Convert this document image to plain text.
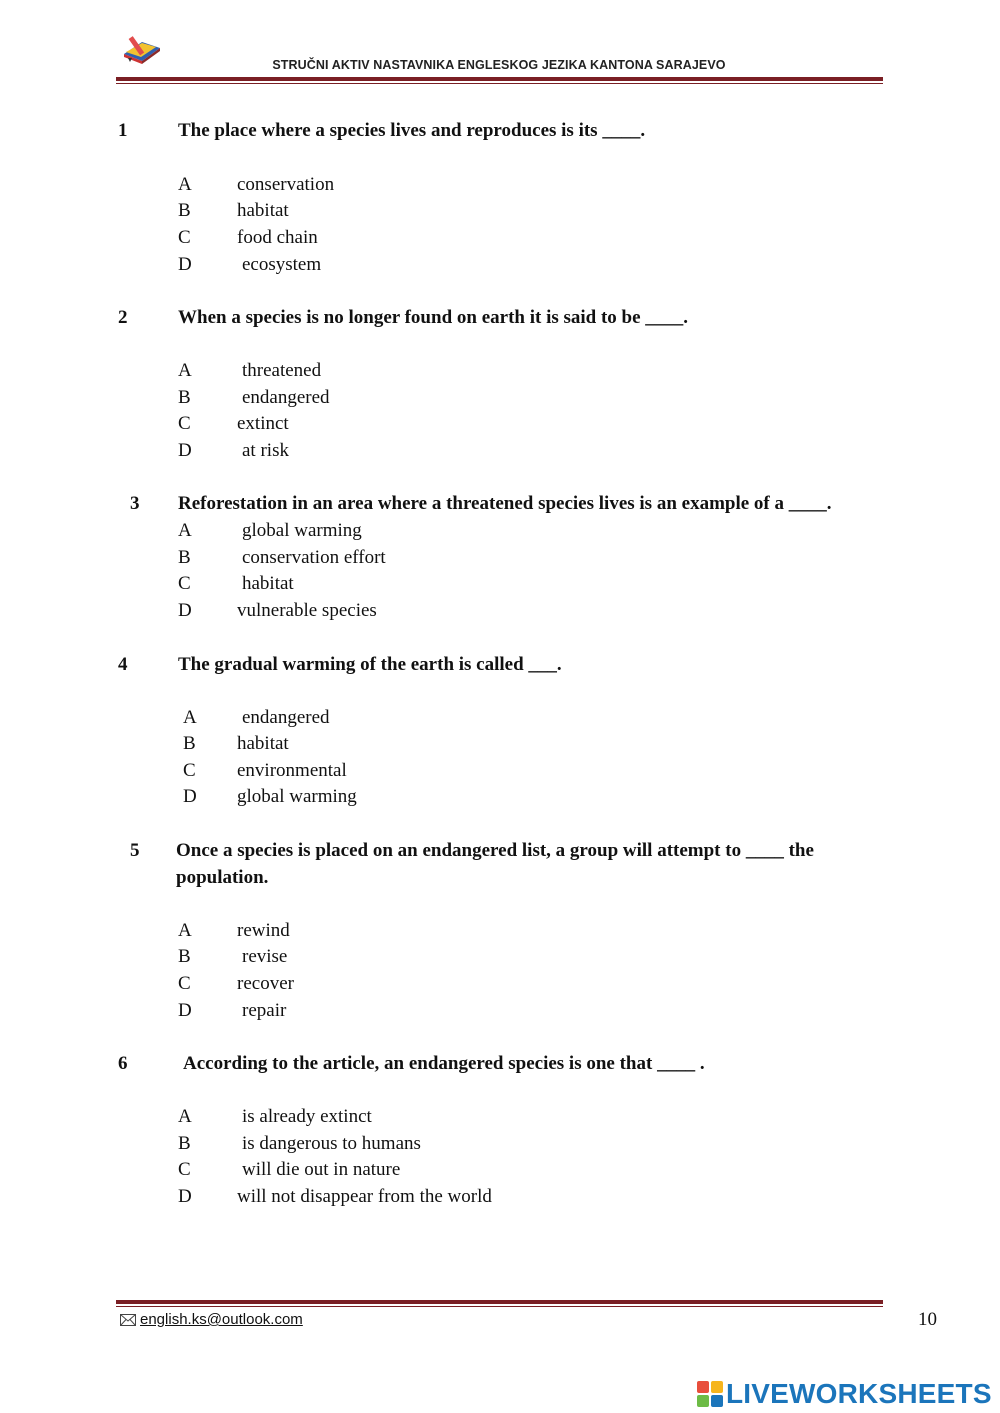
STRUČNI AKTIV NASTAVNIKA ENGLESKOG JEZIKA KANTONA SARAJEVO
1	The place where a species lives and reproduces is its ____.
A conservation
B habitat
C food chain
D	ecosystem
2	When a species is no longer found on earth it is said to be ____.
A	threatened
B	endangered
C extinct
D	at risk
3 Reforestation in an area where a threatened species lives is an example of a ____.
A	global warming
B	conservation effort
C	habitat
D vulnerable species
4	The gradual warming of the earth is called ___.
A endangered
B habitat
C environmental
D global warming
5 Once a species is placed on an endangered list, a group will attempt to ____ the
population.
A rewind
B	revise
C recover
D	repair
6	According to the article, an endangered species is one that ____ .
A	is already extinct
B	is dangerous to humans
C	will die out in nature
D will not disappear from the world
english.ks@outlook.com	10
LIVEWORKSHEETS
